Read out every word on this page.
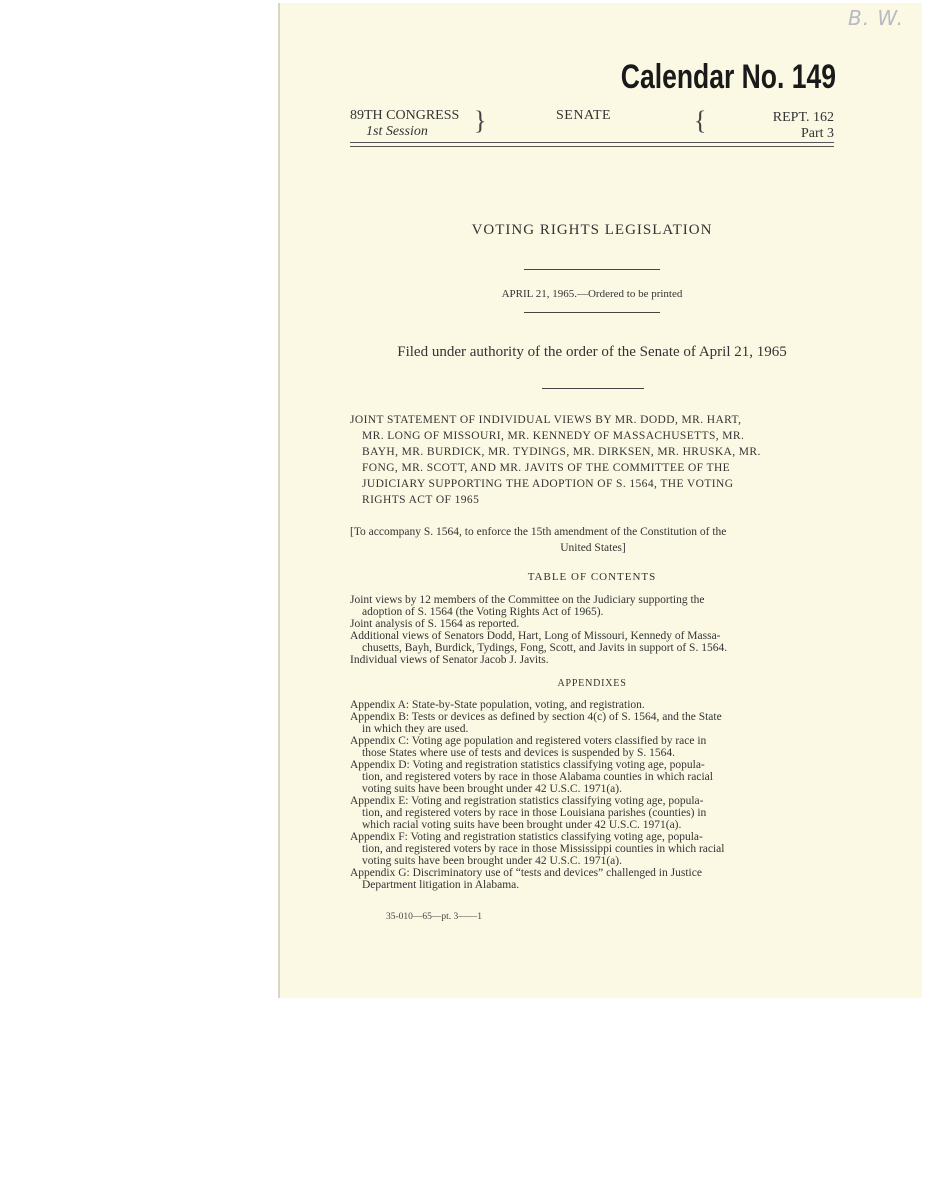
B. W.
Calendar No. 149
89TH CONGRESS
1st Session }	SENATE	{	REPT. 162
Part 3
VOTING RIGHTS LEGISLATION
APRIL 21, 1965.—Ordered to be printed
Filed under authority of the order of the Senate of April 21, 1965
JOINT STATEMENT OF INDIVIDUAL VIEWS BY MR. DODD, MR. HART,
MR. LONG OF MISSOURI, MR. KENNEDY OF MASSACHUSETTS, MR.
BAYH, MR. BURDICK, MR. TYDINGS, MR. DIRKSEN, MR. HRUSKA, MR.
FONG, MR. SCOTT, AND MR. JAVITS OF THE COMMITTEE OF THE
JUDICIARY SUPPORTING THE ADOPTION OF S. 1564, THE VOTING
RIGHTS ACT OF 1965
[To accompany S. 1564, to enforce the 15th amendment of the Constitution of the
United States]
TABLE OF CONTENTS
Joint views by 12 members of the Committee on the Judiciary supporting the
adoption of S. 1564 (the Voting Rights Act of 1965).
Joint analysis of S. 1564 as reported.
Additional views of Senators Dodd, Hart, Long of Missouri, Kennedy of Massa-
chusetts, Bayh, Burdick, Tydings, Fong, Scott, and Javits in support of S. 1564.
Individual views of Senator Jacob J. Javits.
APPENDIXES
Appendix A: State-by-State population, voting, and registration.
Appendix B: Tests or devices as defined by section 4(c) of S. 1564, and the State
in which they are used.
Appendix C: Voting age population and registered voters classified by race in
those States where use of tests and devices is suspended by S. 1564.
Appendix D: Voting and registration statistics classifying voting age, popula-
tion, and registered voters by race in those Alabama counties in which racial
voting suits have been brought under 42 U.S.C. 1971(a).
Appendix E: Voting and registration statistics classifying voting age, popula-
tion, and registered voters by race in those Louisiana parishes (counties) in
which racial voting suits have been brought under 42 U.S.C. 1971(a).
Appendix F: Voting and registration statistics classifying voting age, popula-
tion, and registered voters by race in those Mississippi counties in which racial
voting suits have been brought under 42 U.S.C. 1971(a).
Appendix G: Discriminatory use of “tests and devices” challenged in Justice
Department litigation in Alabama.
35-010—65—pt. 3——1
